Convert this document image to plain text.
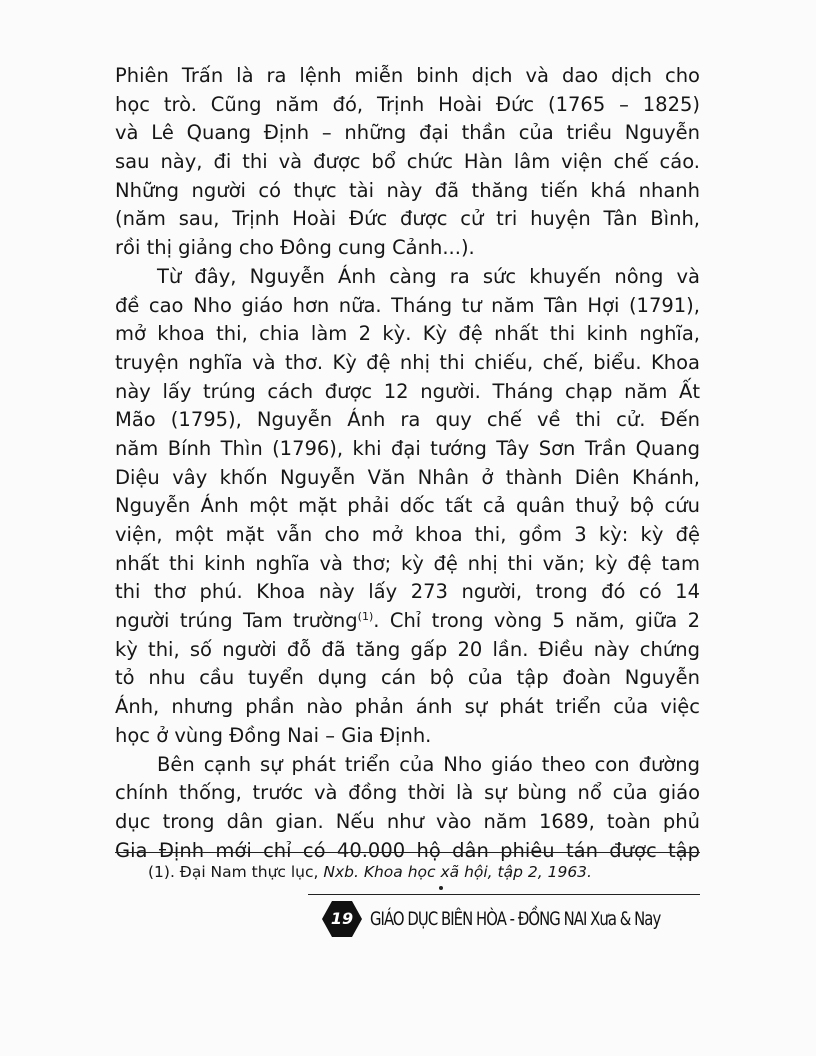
Phiên Trấn là ra lệnh miễn binh dịch và dao dịch cho
học trò. Cũng năm đó, Trịnh Hoài Đức (1765 – 1825)
và Lê Quang Định – những đại thần của triều Nguyễn
sau này, đi thi và được bổ chức Hàn lâm viện chế cáo.
Những người có thực tài này đã thăng tiến khá nhanh
(năm sau, Trịnh Hoài Đức được cử tri huyện Tân Bình,
rồi thị giảng cho Đông cung Cảnh...).
Từ đây, Nguyễn Ánh càng ra sức khuyến nông và
đề cao Nho giáo hơn nữa. Tháng tư năm Tân Hợi (1791),
mở khoa thi, chia làm 2 kỳ. Kỳ đệ nhất thi kinh nghĩa,
truyện nghĩa và thơ. Kỳ đệ nhị thi chiếu, chế, biểu. Khoa
này lấy trúng cách được 12 người. Tháng chạp năm Ất
Mão (1795), Nguyễn Ánh ra quy chế về thi cử. Đến
năm Bính Thìn (1796), khi đại tướng Tây Sơn Trần Quang
Diệu vây khốn Nguyễn Văn Nhân ở thành Diên Khánh,
Nguyễn Ánh một mặt phải dốc tất cả quân thuỷ bộ cứu
viện, một mặt vẫn cho mở khoa thi, gồm 3 kỳ: kỳ đệ
nhất thi kinh nghĩa và thơ; kỳ đệ nhị thi văn; kỳ đệ tam
thi thơ phú. Khoa này lấy 273 người, trong đó có 14
người trúng Tam trường$^{(1)}$. Chỉ trong vòng 5 năm, giữa 2
kỳ thi, số người đỗ đã tăng gấp 20 lần. Điều này chứng
tỏ nhu cầu tuyển dụng cán bộ của tập đoàn Nguyễn
Ánh, nhưng phần nào phản ánh sự phát triển của việc
học ở vùng Đồng Nai – Gia Định.
Bên cạnh sự phát triển của Nho giáo theo con đường
chính thống, trước và đồng thời là sự bùng nổ của giáo
dục trong dân gian. Nếu như vào năm 1689, toàn phủ
Gia Định mới chỉ có 40.000 hộ dân phiêu tán được tập
(1). Đại Nam thực lục, Nxb. Khoa học xã hội, tập 2, 1963.
19 GIÁO DỤC BIÊN HÒA - ĐỒNG NAI Xưa & Nay
